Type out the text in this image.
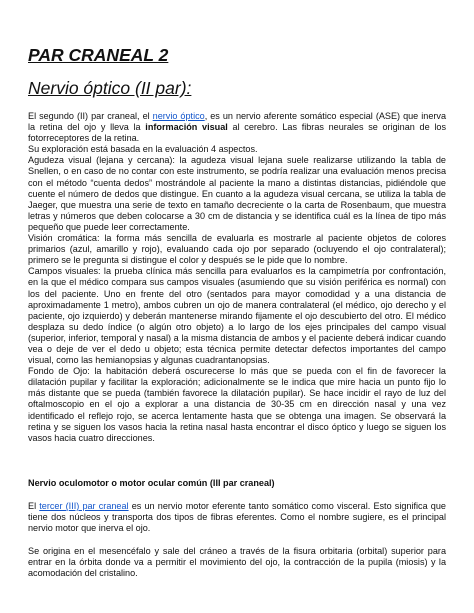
PAR CRANEAL 2
Nervio óptico (II par):

El segundo (II) par craneal, el nervio óptico, es un nervio aferente somático especial (ASE) que inerva la retina del ojo y lleva la información visual al cerebro. Las fibras neurales se originan de los fotorreceptores de la retina.

Su exploración está basada en la evaluación 4 aspectos.

Agudeza visual (lejana y cercana): la agudeza visual lejana suele realizarse utilizando la tabla de Snellen, o en caso de no contar con este instrumento, se podría realizar una evaluación menos precisa con el método “cuenta dedos” mostrándole al paciente la mano a distintas distancias, pidiéndole que cuente el número de dedos que distingue. En cuanto a la agudeza visual cercana, se utiliza la tabla de Jaeger, que muestra una serie de texto en tamaño decreciente o la carta de Rosenbaum, que muestra letras y números que deben colocarse a 30 cm de distancia y se identifica cuál es la línea de tipo más pequeño que puede leer correctamente.

Visión cromática: la forma más sencilla de evaluarla es mostrarle al paciente objetos de colores primarios (azul, amarillo y rojo), evaluando cada ojo por separado (ocluyendo el ojo contralateral); primero se le pregunta si distingue el color y después se le pide que lo nombre.

Campos visuales: la prueba clínica más sencilla para evaluarlos es la campimetría por confrontación, en la que el médico compara sus campos visuales (asumiendo que su visión periférica es normal) con los del paciente. Uno en frente del otro (sentados para mayor comodidad y a una distancia de aproximadamente 1 metro), ambos cubren un ojo de manera contralateral (el médico, ojo derecho y el paciente, ojo izquierdo) y deberán mantenerse mirando fijamente el ojo descubierto del otro. El médico desplaza su dedo índice (o algún otro objeto) a lo largo de los ejes principales del campo visual (superior, inferior, temporal y nasal) a la misma distancia de ambos y el paciente deberá indicar cuando vea o deje de ver el dedo u objeto; esta técnica permite detectar defectos importantes del campo visual, como las hemianopsias y algunas cuadrantanopsias.

Fondo de Ojo: la habitación deberá oscurecerse lo más que se pueda con el fin de favorecer la dilatación pupilar y facilitar la exploración; adicionalmente se le indica que mire hacia un punto fijo lo más distante que se pueda (también favorece la dilatación pupilar). Se hace incidir el rayo de luz del oftalmoscopio en el ojo a explorar a una distancia de 30-35 cm en dirección nasal y una vez identificado el reflejo rojo, se acerca lentamente hasta que se obtenga una imagen. Se observará la retina y se siguen los vasos hacia la retina nasal hasta encontrar el disco óptico y luego se siguen los vasos hacia cuatro direcciones.

Nervio oculomotor o motor ocular común (III par craneal)

El tercer (III) par craneal es un nervio motor eferente tanto somático como visceral. Esto significa que tiene dos núcleos y transporta dos tipos de fibras eferentes. Como el nombre sugiere, es el principal nervio motor que inerva el ojo.

Se origina en el mesencéfalo y sale del cráneo a través de la fisura orbitaria (orbital) superior para entrar en la órbita donde va a permitir el movimiento del ojo, la contracción de la pupila (miosis) y la acomodación del cristalino.
